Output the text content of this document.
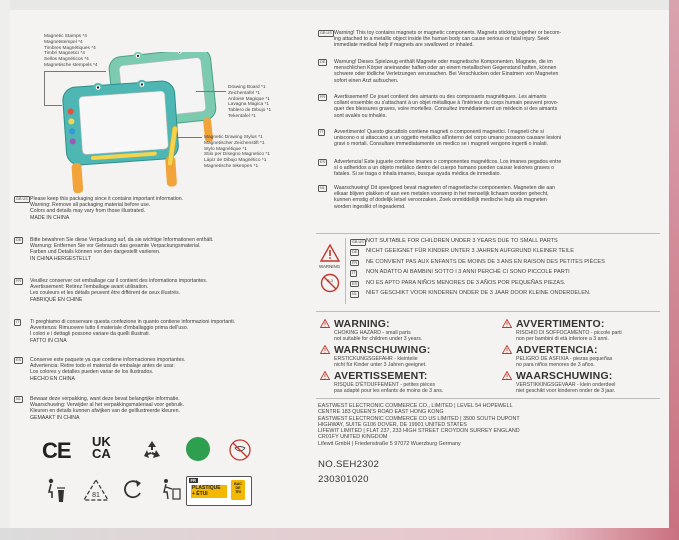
Magnetic Stamps *4
Magnetstempel *4
Timbres Magnétiques *4
Timbri Magnetici *4
Sellos Magnéticos *4
Magnetische stempels *4
Drawing Board *1
Zeichentafel *1
Ardoise Magique *1
Lavagna Magica *1
Tablero de Dibujo *1
Tekentafel *1
Magnetic Drawing Stylus *1
Magnetischer Zeichenstift *1
Stylo Magnétique *1
Stilo per Disegno Magnetico *1
Lápiz de Dibujo Magnético *1
Magnetische tekenpen *1
GB US Please keep this packaging since it contains important information.
Warning: Remove all packaging material before use.
Colors and details may vary from those illustrated.
MADE IN CHINA
DE	Bitte bewahren Sie diese Verpackung auf, da sie wichtige Informationen enthält.
Warnung: Entfernen Sie vor Gebrauch das gesamte Verpackungsmaterial.
Farben und Details können von den dargestellt variieren.
IN CHINA HERGESTELLT
FR	Veuillez conserver cet emballage car il contient des informations importantes.
Avertissement: Retirez l'emballage avant utilisation.
Les couleurs et les détails peuvent être différent de ceux illustrés.
FABRIQUÉ EN CHINE
IT	Ti preghiamo di conservare questa confezione in quanto contiene informazioni importanti.
Avvertenza: Rimuovere tutto il materiale d'imballaggio prima dell'uso.
I colori e i dettagli possono variare da quelli illustrati.
FATTO IN CINA
ES	Conserve este paquete ya que contiene informaciones importantes.
Advertencia: Retire todo el material de embalaje antes de usar.
Los colores y detalles pueden variar de los ilustrados.
HECHO EN CHINA
NL	Bewaar deze verpakking, want deze bevat belangrijke informatie.
Waarschuwing: Verwijder al het verpakkingsmateriaal voor gebruik.
Kleuren en details kunnen afwijken van de geïllustreerde kleuren.
GEMAAKT IN CHINA
GB US Warning! This toy contains magnets or magnetic components. Magnets sticking together or becom-
ing attached to a metallic object inside the human body can cause serious or fatal injury. Seek
immediate medical help if magnets are swallowed or inhaled.
DE	Warnung! Dieses Spielzeug enthält Magnete oder magnetische Komponenten. Magnete, die im
menschlichen Körper aneinander haften oder an einem metallischen Gegenstand haften, können
schwere oder tödliche Verletzungen verursachen. Bei Verschlucken oder Einatmen von Magneten
sofort einen Arzt aufsuchen.
FR	Avertissement! Ce jouet contient des aimants ou des composants magnétiques. Les aimants
collant ensemble ou s'attachant à un objet métallique à l'intérieur du corps humain peuvent provo-
quer des blessures graves, voire mortelles. Consultez immédiatement un médecin si des aimants
sont avalés ou inhalés.
IT	Avvertimento! Questo giocattolo contiene magneti o componenti magnetici. I magneti che si
uniscono o si attaccano a un oggetto metallico all'interno del corpo umano possono causare lesioni
gravi o mortali. Consultare immediatamente un medico se i magneti vengono ingeriti o inalati.
ES	Advertencia! Este juguete contiene imanes o componentes magnéticos. Los imanes pegados entre
sí o adheridos a un objeto metálico dentro del cuerpo humano pueden causar lesiones graves o
fatales. Si se traga o inhala imanes, busque ayuda médica de inmediato.
NL	Waarschuwing! Dit speelgoed bevat magneten of magnetische componenten. Magneten die aan
elkaar blijven plakken of aan een metalen voorwerp in het menselijk lichaam worden gehecht,
kunnen ernstig of dodelijk letsel veroorzaken. Zoek onmiddellijk medische hulp als magneten
worden ingeslikt of ingeademd.
WARNING
0-3
GB US NOT SUITABLE FOR CHILDREN UNDER 3 YEARS DUE TO SMALL PARTS
DE	NICHT GEEIGNET FÜR KINDER UNTER 3 JAHREN AUFGRUND KLEINER TEILE
FR	NE CONVIENT PAS AUX ENFANTS DE MOINS DE 3 ANS EN RAISON DES PETITES PIÈCES
IT	NON ADATTO AI BAMBINI SOTTO I 3 ANNI PERCHÉ CI SONO PICCOLE PARTI
ES	NO ES APTO PARA NIÑOS MENORES DE 3 AÑOS POR PEQUEÑAS PIEZAS.
NL	NIET GESCHIKT VOOR KINDEREN ONDER DE 3 JAAR DOOR KLEINE ONDERDELEN.
WARNING:
CHOKING HAZARD - small parts
not suitable for children under 3 years.
AVVERTIMENTO:
RISCHIO DI SOFFOCAMENTO - piccole parti
non per bambini di età inferiore a 3 anni.
WARNSCHUWING:
ERSTICKUNGSGEFAHR - kleinteile
nicht für Kinder unter 3 Jahren geeignet.
ADVERTENCIA:
PELIGRO DE ASFIXIA - piezas pequeñas
no para niños menores de 3 años.
AVERTISSEMENT:
RISQUE D'ÉTOUFFEMENT - petites pièces
pas adapté pour les enfants de moins de 3 ans.
WAARSCHUWING:
VERSTIKKINGSGEVAAR - klein onderdeel
niet geschikt voor kinderen onder de 3 jaar.
EASTWEST ELECTRONIC COMMERCE CO., LIMITED | LEVEL 54 HOPEWELL
CENTRE 183 QUEEN'S ROAD EAST HONG KONG
EASTWEST ELECTRONIC COMMERCE CO US LIMITED | 3500 SOUTH DUPONT
HIGHWAY, SUITE G106 DOVER, DE 19901 UNITED STATES
LIFEWIT LIMITED | FLAT 237, 233 HIGH STREET CROYDON SURREY ENGLAND
CR01FY UNITED KINGDOM
Lifewit GmbH | Friedenstraße 5 97072 Wuerzburg Germany
NO.SEH2302
230301020
CE UK
CA
81
FR
PLASTIQUE
+ ÉTUI
BAC
DE
TRI
